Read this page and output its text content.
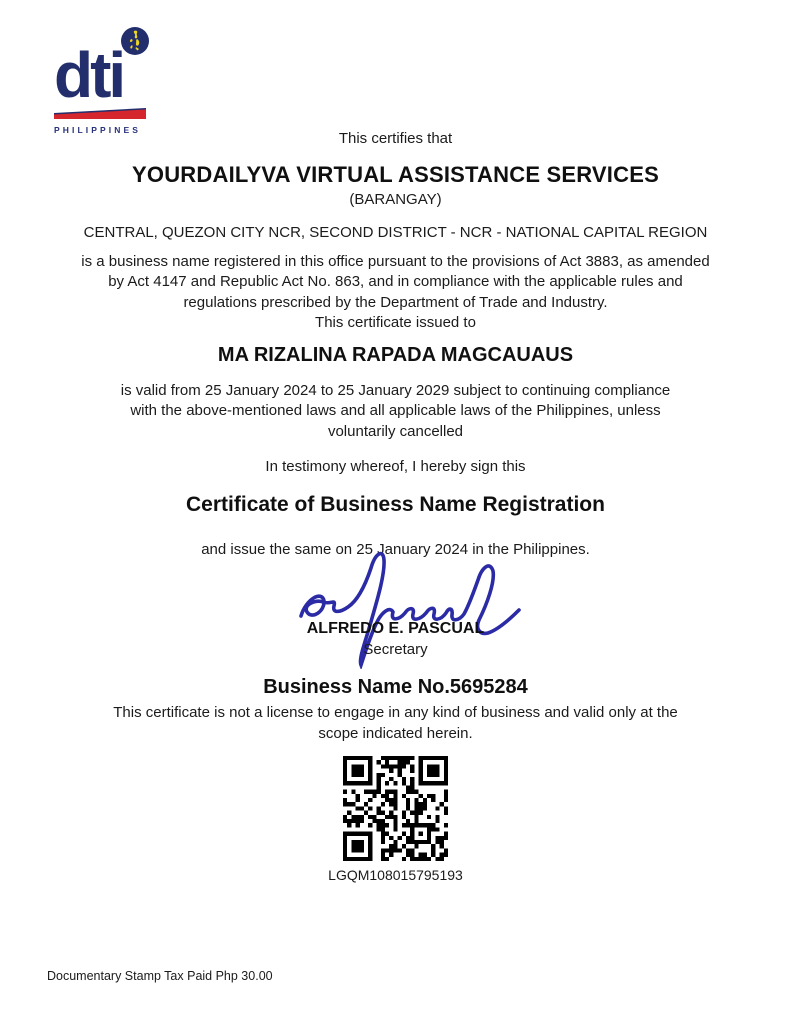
dti
PHILIPPINES	This certifies that
YOURDAILYVA VIRTUAL ASSISTANCE SERVICES
(BARANGAY)
CENTRAL, QUEZON CITY NCR, SECOND DISTRICT - NCR - NATIONAL CAPITAL REGION
is a business name registered in this office pursuant to the provisions of Act 3883, as amended
by Act 4147 and Republic Act No. 863, and in compliance with the applicable rules and
regulations prescribed by the Department of Trade and Industry.
This certificate issued to
MA RIZALINA RAPADA MAGCAUAUS
is valid from 25 January 2024 to 25 January 2029 subject to continuing compliance
with the above-mentioned laws and all applicable laws of the Philippines, unless
voluntarily cancelled
In testimony whereof, I hereby sign this
Certificate of Business Name Registration
and issue the same on 25 January 2024 in the Philippines.
ALFREDO E. PASCUAL
Secretary
Business Name No.5695284
This certificate is not a license to engage in any kind of business and valid only at the
scope indicated herein.
LGQM108015795193
Documentary Stamp Tax Paid Php 30.00
